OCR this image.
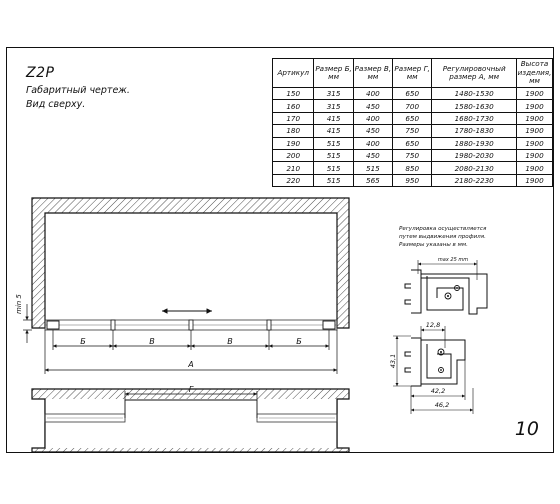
Z2P
Габаритный чертеж.
Вид сверху.
Артикул	Размер Б, мм	Размер В, мм	Размер Г, мм	Регулировочный размер А, мм	Высота изделия, мм
150	315	400	650	1480-1530	1900
160	315	450	700	1580-1630	1900
170	415	400	650	1680-1730	1900
180	415	450	750	1780-1830	1900
190	515	400	650	1880-1930	1900
200	515	450	750	1980-2030	1900
210	515	515	850	2080-2130	1900
220	515	565	950	2180-2230	1900
min 5
Б	В	В	Б
А
Г
Регулировка осуществляется
путем выдвижения профиля.
Размеры указаны в мм.
max 25 mm
12,8
43,1
42,2
46,2
10
